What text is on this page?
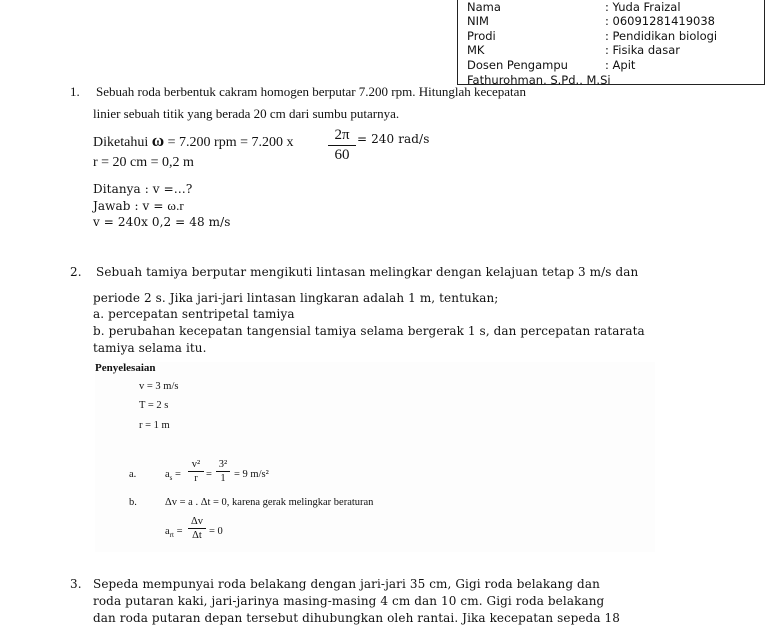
Nama	: Yuda Fraizal
NIM	: 06091281419038
Prodi	: Pendidikan biologi
MK	: Fisika dasar
Dosen Pengampu	: Apit
Fathurohman, S.Pd., M.Si
1. Sebuah roda berbentuk cakram homogen berputar 7.200 rpm. Hitunglah kecepatan
linier sebuah titik yang berada 20 cm dari sumbu putarnya.
Diketahui ω = 7.200 rpm = 7.200 x	2π
60
= 240 rad/s
r = 20 cm = 0,2 m
Ditanya : v =…?
Jawab : v = ω.r
v = 240x 0,2 = 48 m/s
2. Sebuah tamiya berputar mengikuti lintasan melingkar dengan kelajuan tetap 3 m/s dan
periode 2 s. Jika jari-jari lintasan lingkaran adalah 1 m, tentukan;
a. percepatan sentripetal tamiya
b. perubahan kecepatan tangensial tamiya selama bergerak 1 s, dan percepatan ratarata
tamiya selama itu.
Penyelesaian
v = 3 m/s
T = 2 s
r = 1 m
a.	$a_s$ =
v²
r =
3²
1 = 9 m/s²
b.	Δv = a . Δt = 0, karena gerak melingkar beraturan
$a_{rt}$ =
Δv
Δt = 0
3. Sepeda mempunyai roda belakang dengan jari-jari 35 cm, Gigi roda belakang dan
roda putaran kaki, jari-jarinya masing-masing 4 cm dan 10 cm. Gigi roda belakang
dan roda putaran depan tersebut dihubungkan oleh rantai. Jika kecepatan sepeda 18
